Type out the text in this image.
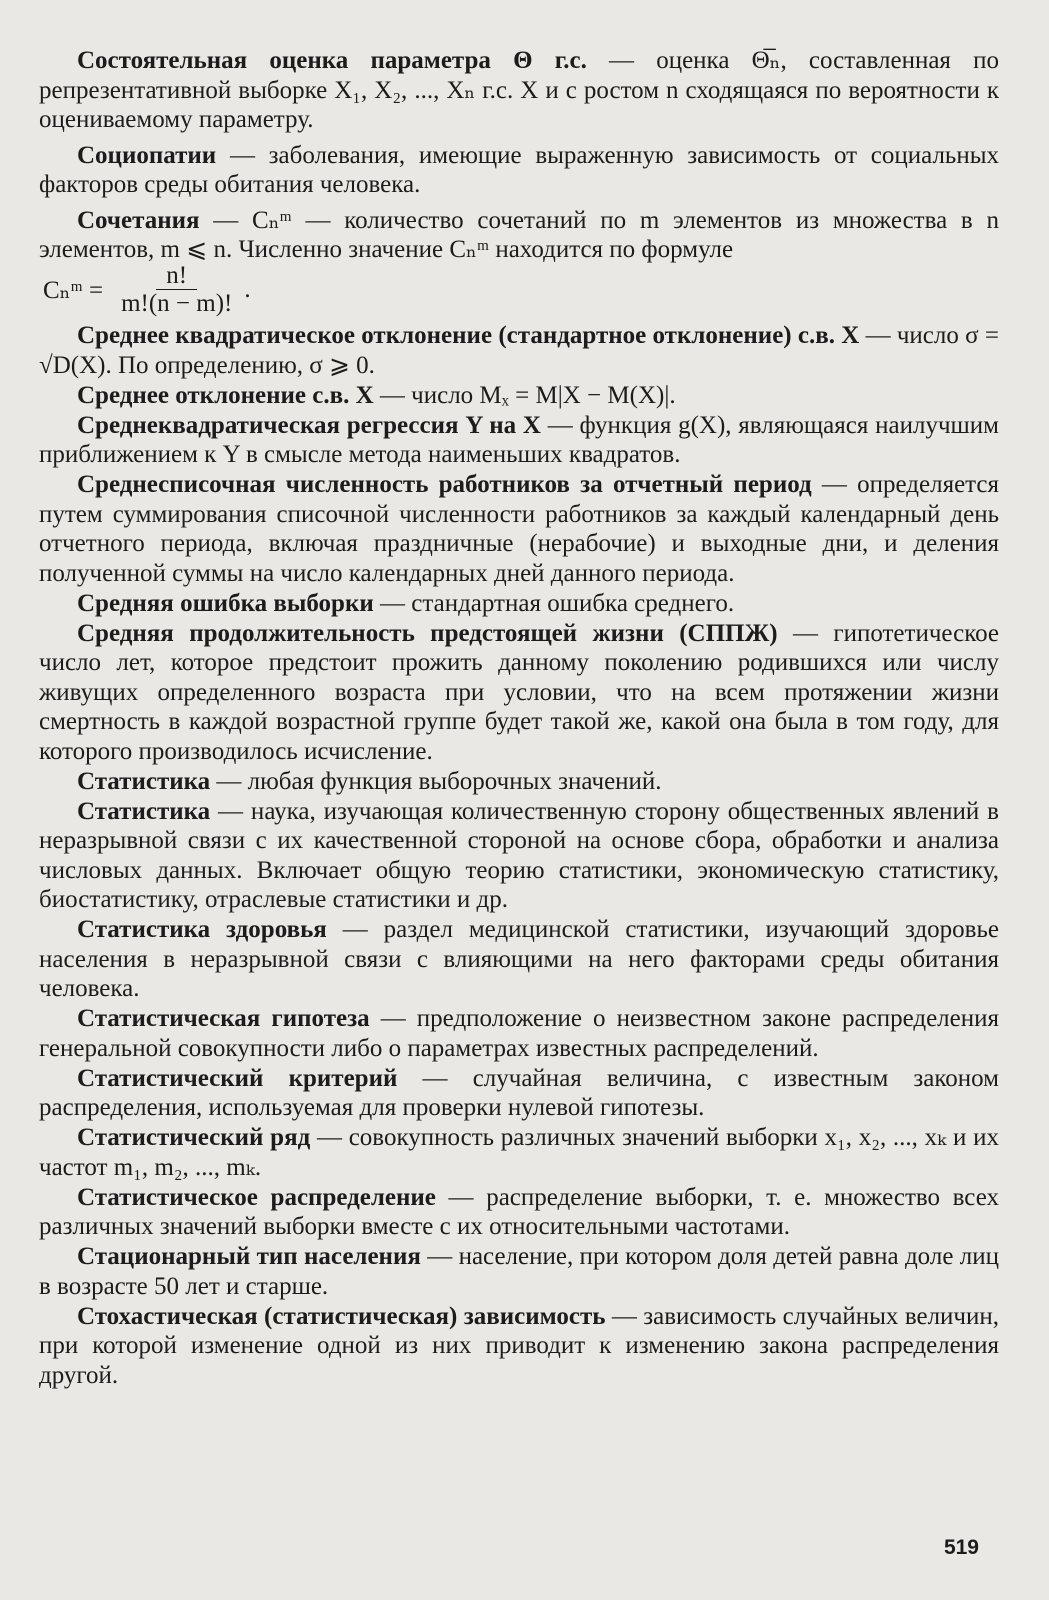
Состоятельная оценка параметра Θ г.с. — оценка Θ̅ₙ, составленная по репрезентативной выборке X₁, X₂, ..., Xₙ г.с. X и с ростом n сходящаяся по вероятности к оцениваемому параметру.

Социопатии — заболевания, имеющие выраженную зависимость от социальных факторов среды обитания человека.

Сочетания — Cₙᵐ — количество сочетаний по m элементов из множества в n элементов, m ⩽ n. Численно значение Cₙᵐ находится по формуле

Cₙᵐ = $\frac{n!}{m!(n - m)!}$ .

Среднее квадратическое отклонение (стандартное отклонение) с.в. X — число σ = √D(X). По определению, σ ⩾ 0.

Среднее отклонение с.в. X — число Mₓ = M|X − M(X)|.

Среднеквадратическая регрессия Y на X — функция g(X), являющаяся наилучшим приближением к Y в смысле метода наименьших квадратов.

Среднесписочная численность работников за отчетный период — определяется путем суммирования списочной численности работников за каждый календарный день отчетного периода, включая праздничные (нерабочие) и выходные дни, и деления полученной суммы на число календарных дней данного периода.

Средняя ошибка выборки — стандартная ошибка среднего.

Средняя продолжительность предстоящей жизни (СППЖ) — гипотетическое число лет, которое предстоит прожить данному поколению родившихся или числу живущих определенного возраста при условии, что на всем протяжении жизни смертность в каждой возрастной группе будет такой же, какой она была в том году, для которого производилось исчисление.

Статистика — любая функция выборочных значений.

Статистика — наука, изучающая количественную сторону общественных явлений в неразрывной связи с их качественной стороной на основе сбора, обработки и анализа числовых данных. Включает общую теорию статистики, экономическую статистику, биостатистику, отраслевые статистики и др.

Статистика здоровья — раздел медицинской статистики, изучающий здоровье населения в неразрывной связи с влияющими на него факторами среды обитания человека.

Статистическая гипотеза — предположение о неизвестном законе распределения генеральной совокупности либо о параметрах известных распределений.

Статистический критерий — случайная величина, с известным законом распределения, используемая для проверки нулевой гипотезы.

Статистический ряд — совокупность различных значений выборки x₁, x₂, ..., xₖ и их частот m₁, m₂, ..., mₖ.

Статистическое распределение — распределение выборки, т. е. множество всех различных значений выборки вместе с их относительными частотами.

Стационарный тип населения — население, при котором доля детей равна доле лиц в возрасте 50 лет и старше.

Стохастическая (статистическая) зависимость — зависимость случайных величин, при которой изменение одной из них приводит к изменению закона распределения другой.

519
